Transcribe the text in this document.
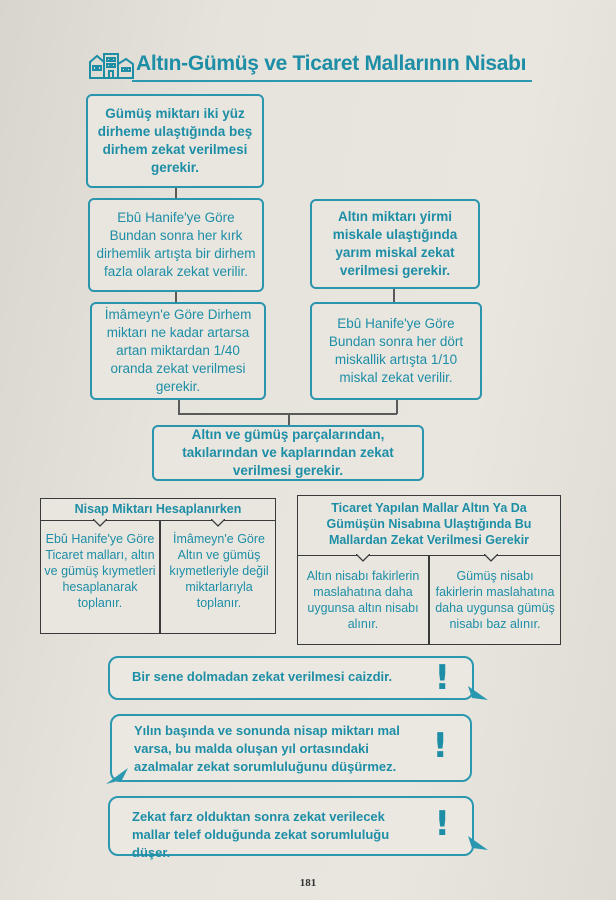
Altın-Gümüş ve Ticaret Mallarının Nisabı
Gümüş miktarı iki yüz dirheme ulaştığında beş dirhem zekat verilmesi gerekir.
Ebû Hanife'ye Göre Bundan sonra her kırk dirhemlik artışta bir dirhem fazla olarak zekat verilir.
İmâmeyn'e Göre Dirhem miktarı ne kadar artarsa artan miktardan 1/40 oranda zekat verilmesi gerekir.
Altın miktarı yirmi miskale ulaştığında yarım miskal zekat verilmesi gerekir.
Ebû Hanife'ye Göre Bundan sonra her dört miskallik artışta 1/10 miskal zekat verilir.
Altın ve gümüş parçalarından, takılarından ve kaplarından zekat verilmesi gerekir.
Nisap Miktarı Hesaplanırken
Ebû Hanife'ye Göre Ticaret malları, altın ve gümüş kıymetleri hesaplanarak toplanır.
İmâmeyn'e Göre Altın ve gümüş kıymetleriyle değil miktarlarıyla toplanır.
Ticaret Yapılan Mallar Altın Ya Da Gümüşün Nisabına Ulaştığında Bu Mallardan Zekat Verilmesi Gerekir
Altın nisabı fakirlerin maslahatına daha uygunsa altın nisabı alınır.
Gümüş nisabı fakirlerin maslahatına daha uygunsa gümüş nisabı baz alınır.
Bir sene dolmadan zekat verilmesi caizdir.	!
Yılın başında ve sonunda nisap miktarı mal varsa, bu malda oluşan yıl ortasındaki azalmalar zekat sorumluluğunu düşürmez.
!
Zekat farz olduktan sonra zekat verilecek mallar telef olduğunda zekat sorumluluğu düşer.
!
181
